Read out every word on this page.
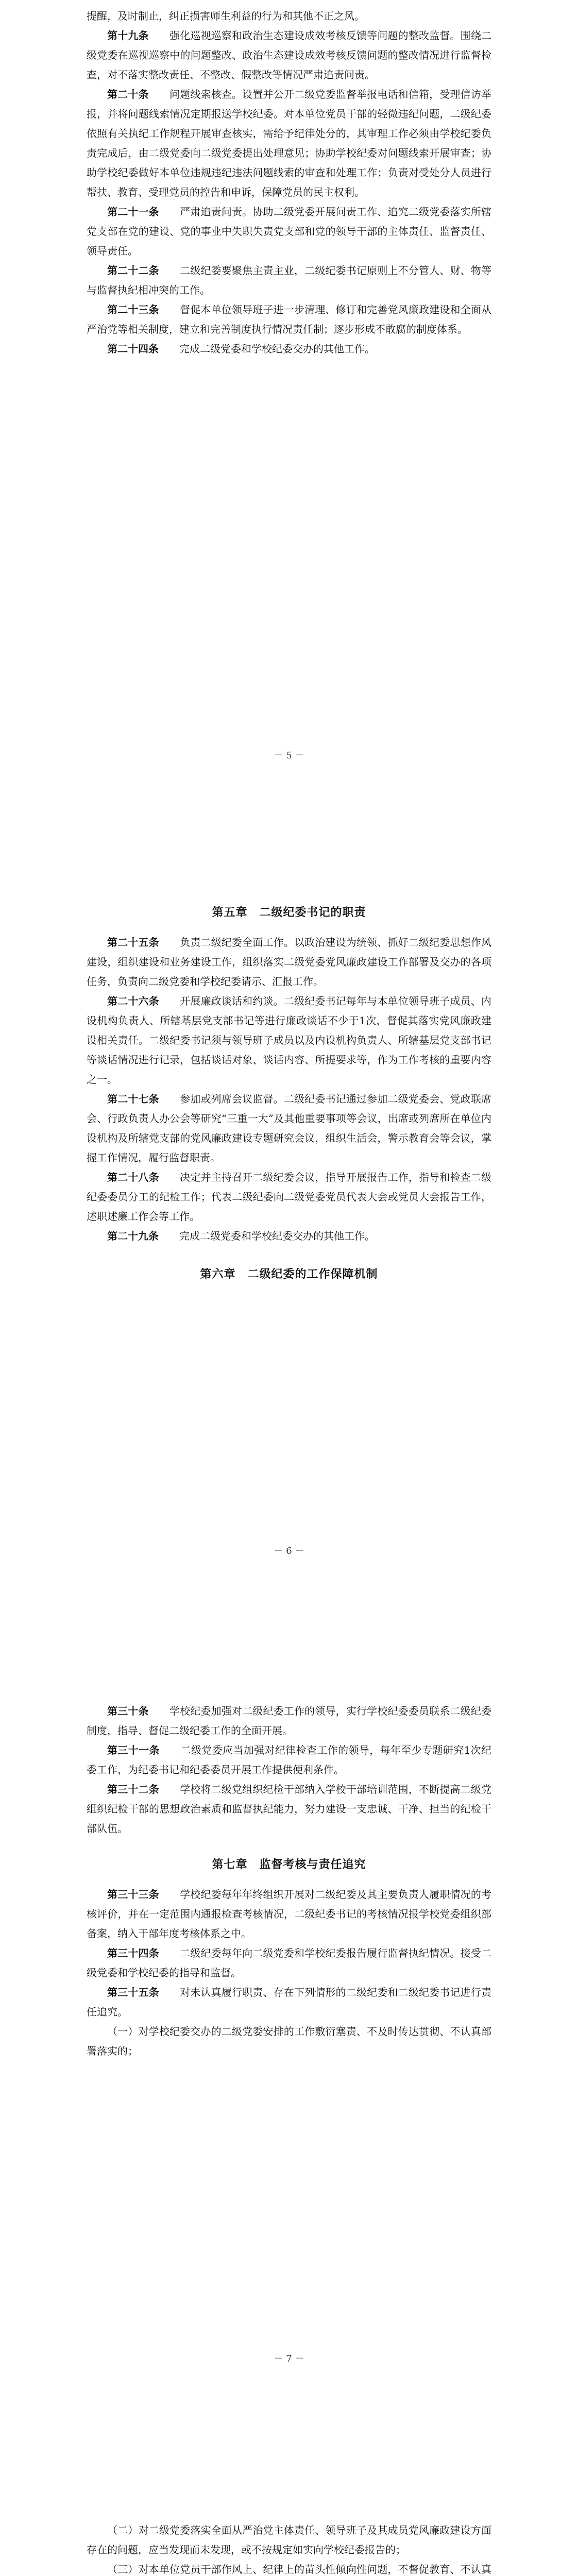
提醒，及时制止，纠正损害师生利益的行为和其他不正之风。

第十九条　　 强化巡视巡察和政治生态建设成效考核反馈等问题的整改监督。围绕二级党委在巡视巡察中的问题整改、政治生态建设成效考核反馈问题的整改情况进行监督检查，对不落实整改责任、不整改、假整改等情况严肃追责问责。

第二十条　　 问题线索核查。设置并公开二级党委监督举报电话和信箱，受理信访举报，并将问题线索情况定期报送学校纪委。对本单位党员干部的轻微违纪问题，二级纪委依照有关执纪工作规程开展审查核实，需给予纪律处分的，其审理工作必须由学校纪委负责完成后，由二级党委向二级党委提出处理意见；协助学校纪委对问题线索开展审查；协助学校纪委做好本单位违规违纪违法问题线索的审查和处理工作；负责对受处分人员进行帮扶、教育、受理党员的控告和申诉，保障党员的民主权利。

第二十一条　　 严肃追责问责。协助二级党委开展问责工作、追究二级党委落实所辖党支部在党的建设、党的事业中失职失责党支部和党的领导干部的主体责任、监督责任、领导责任。

第二十二条　　 二级纪委要聚焦主责主业，二级纪委书记原则上不分管人、财、物等与监督执纪相冲突的工作。

第二十三条　　 督促本单位领导班子进一步清理、修订和完善党风廉政建设和全面从严治党等相关制度，建立和完善制度执行情况责任制；逐步形成不敢腐的制度体系。

第二十四条　　 完成二级党委和学校纪委交办的其他工作。

－ 5 －
第五章　二级纪委书记的职责

第二十五条　　 负责二级纪委全面工作。以政治建设为统领、抓好二级纪委思想作风建设，组织建设和业务建设工作，组织落实二级党委党风廉政建设工作部署及交办的各项任务，负责向二级党委和学校纪委请示、汇报工作。

第二十六条　　 开展廉政谈话和约谈。二级纪委书记每年与本单位领导班子成员、内设机构负责人、所辖基层党支部书记等进行廉政谈话不少于1次，督促其落实党风廉政建设相关责任。二级纪委书记须与领导班子成员以及内设机构负责人、所辖基层党支部书记等谈话情况进行记录，包括谈话对象、谈话内容、所提要求等，作为工作考核的重要内容之一。

第二十七条　　 参加或列席会议监督。二级纪委书记通过参加二级党委会、党政联席会、行政负责人办公会等研究“三重一大”及其他重要事项等会议，出席或列席所在单位内设机构及所辖党支部的党风廉政建设专题研究会议，组织生活会，警示教育会等会议，掌握工作情况，履行监督职责。

第二十八条　　 决定并主持召开二级纪委会议，指导开展报告工作，指导和检查二级纪委委员分工的纪检工作；代表二级纪委向二级党委党员代表大会或党员大会报告工作，述职述廉工作会等工作。

第二十九条　　 完成二级党委和学校纪委交办的其他工作。

第六章　二级纪委的工作保障机制
－ 6 －

第三十条　　 学校纪委加强对二级纪委工作的领导，实行学校纪委委员联系二级纪委制度，指导、督促二级纪委工作的全面开展。

第三十一条　　 二级党委应当加强对纪律检查工作的领导，每年至少专题研究1次纪委工作，为纪委书记和纪委委员开展工作提供便利条件。

第三十二条　　 学校将二级党组织纪检干部纳入学校干部培训范围，不断提高二级党组织纪检干部的思想政治素质和监督执纪能力，努力建设一支忠诚、干净、担当的纪检干部队伍。

第七章　监督考核与责任追究

第三十三条　　 学校纪委每年年终组织开展对二级纪委及其主要负责人履职情况的考核评价，并在一定范围内通报检查考核情况，二级纪委书记的考核情况报学校党委组织部备案，纳入干部年度考核体系之中。

第三十四条　　 二级纪委每年向二级党委和学校纪委报告履行监督执纪情况。接受二级党委和学校纪委的指导和监督。

第三十五条　　 对未认真履行职责、存在下列情形的二级纪委和二级纪委书记进行责任追究。

（一）对学校纪委交办的二级党委安排的工作敷衍塞责、不及时传达贯彻、不认真部署落实的；

－ 7 －

（二）对二级党委落实全面从严治党主体责任、领导班子及其成员党风廉政建设方面存在的问题，应当发现而未发现，或不按规定如实向学校纪委报告的；

（三）对本单位党员干部作风上、纪律上的苗头性倾向性问题，不督促教育、不认真
